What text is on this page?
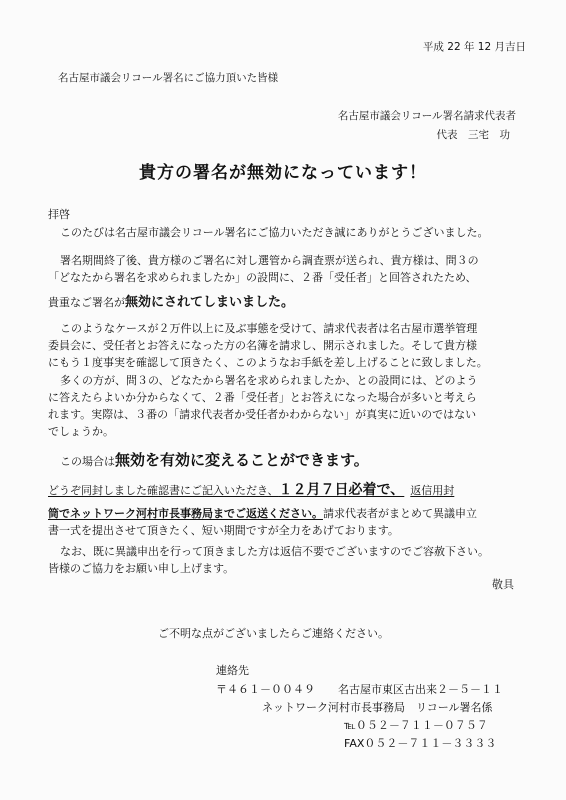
平成 22 年 12 月吉日
名古屋市議会リコール署名にご協力頂いた皆様
名古屋市議会リコール署名請求代表者
代表　三宅　功
貴方の署名が無効になっています！
拝啓
このたびは名古屋市議会リコール署名にご協力いただき誠にありがとうございました。
署名期間終了後、貴方様のご署名に対し選管から調査票が送られ、貴方様は、問３の
「どなたから署名を求められましたか」の設問に、２番「受任者」と回答されたため、
貴重なご署名が無効にされてしまいました。
このようなケースが２万件以上に及ぶ事態を受けて、請求代表者は名古屋市選挙管理
委員会に、受任者とお答えになった方の名簿を請求し、開示されました。そして貴方様
にもう１度事実を確認して頂きたく、このようなお手紙を差し上げることに致しました。
多くの方が、問３の、どなたから署名を求められましたか、との設問には、どのよう
に答えたらよいか分からなくて、２番「受任者」とお答えになった場合が多いと考えら
れます。実際は、３番の「請求代表者か受任者かわからない」が真実に近いのではない
でしょうか。
この場合は無効を有効に変えることができます。
どうぞ同封しました確認書にご記入いただき、１２月７日必着で、 返信用封
筒でネットワーク河村市長事務局までご返送ください。請求代表者がまとめて異議申立
書一式を提出させて頂きたく、短い期間ですが全力をあげております。
なお、既に異議申出を行って頂きました方は返信不要でございますのでご容赦下さい。
皆様のご協力をお願い申し上げます。
敬具
ご不明な点がございましたらご連絡ください。
連絡先
〒４６１－００４９ 名古屋市東区古出来２－５－１１
ネットワーク河村市長事務局　リコール署名係
℡０５２－７１１－０７５７
FAX０５２－７１１－３３３３
